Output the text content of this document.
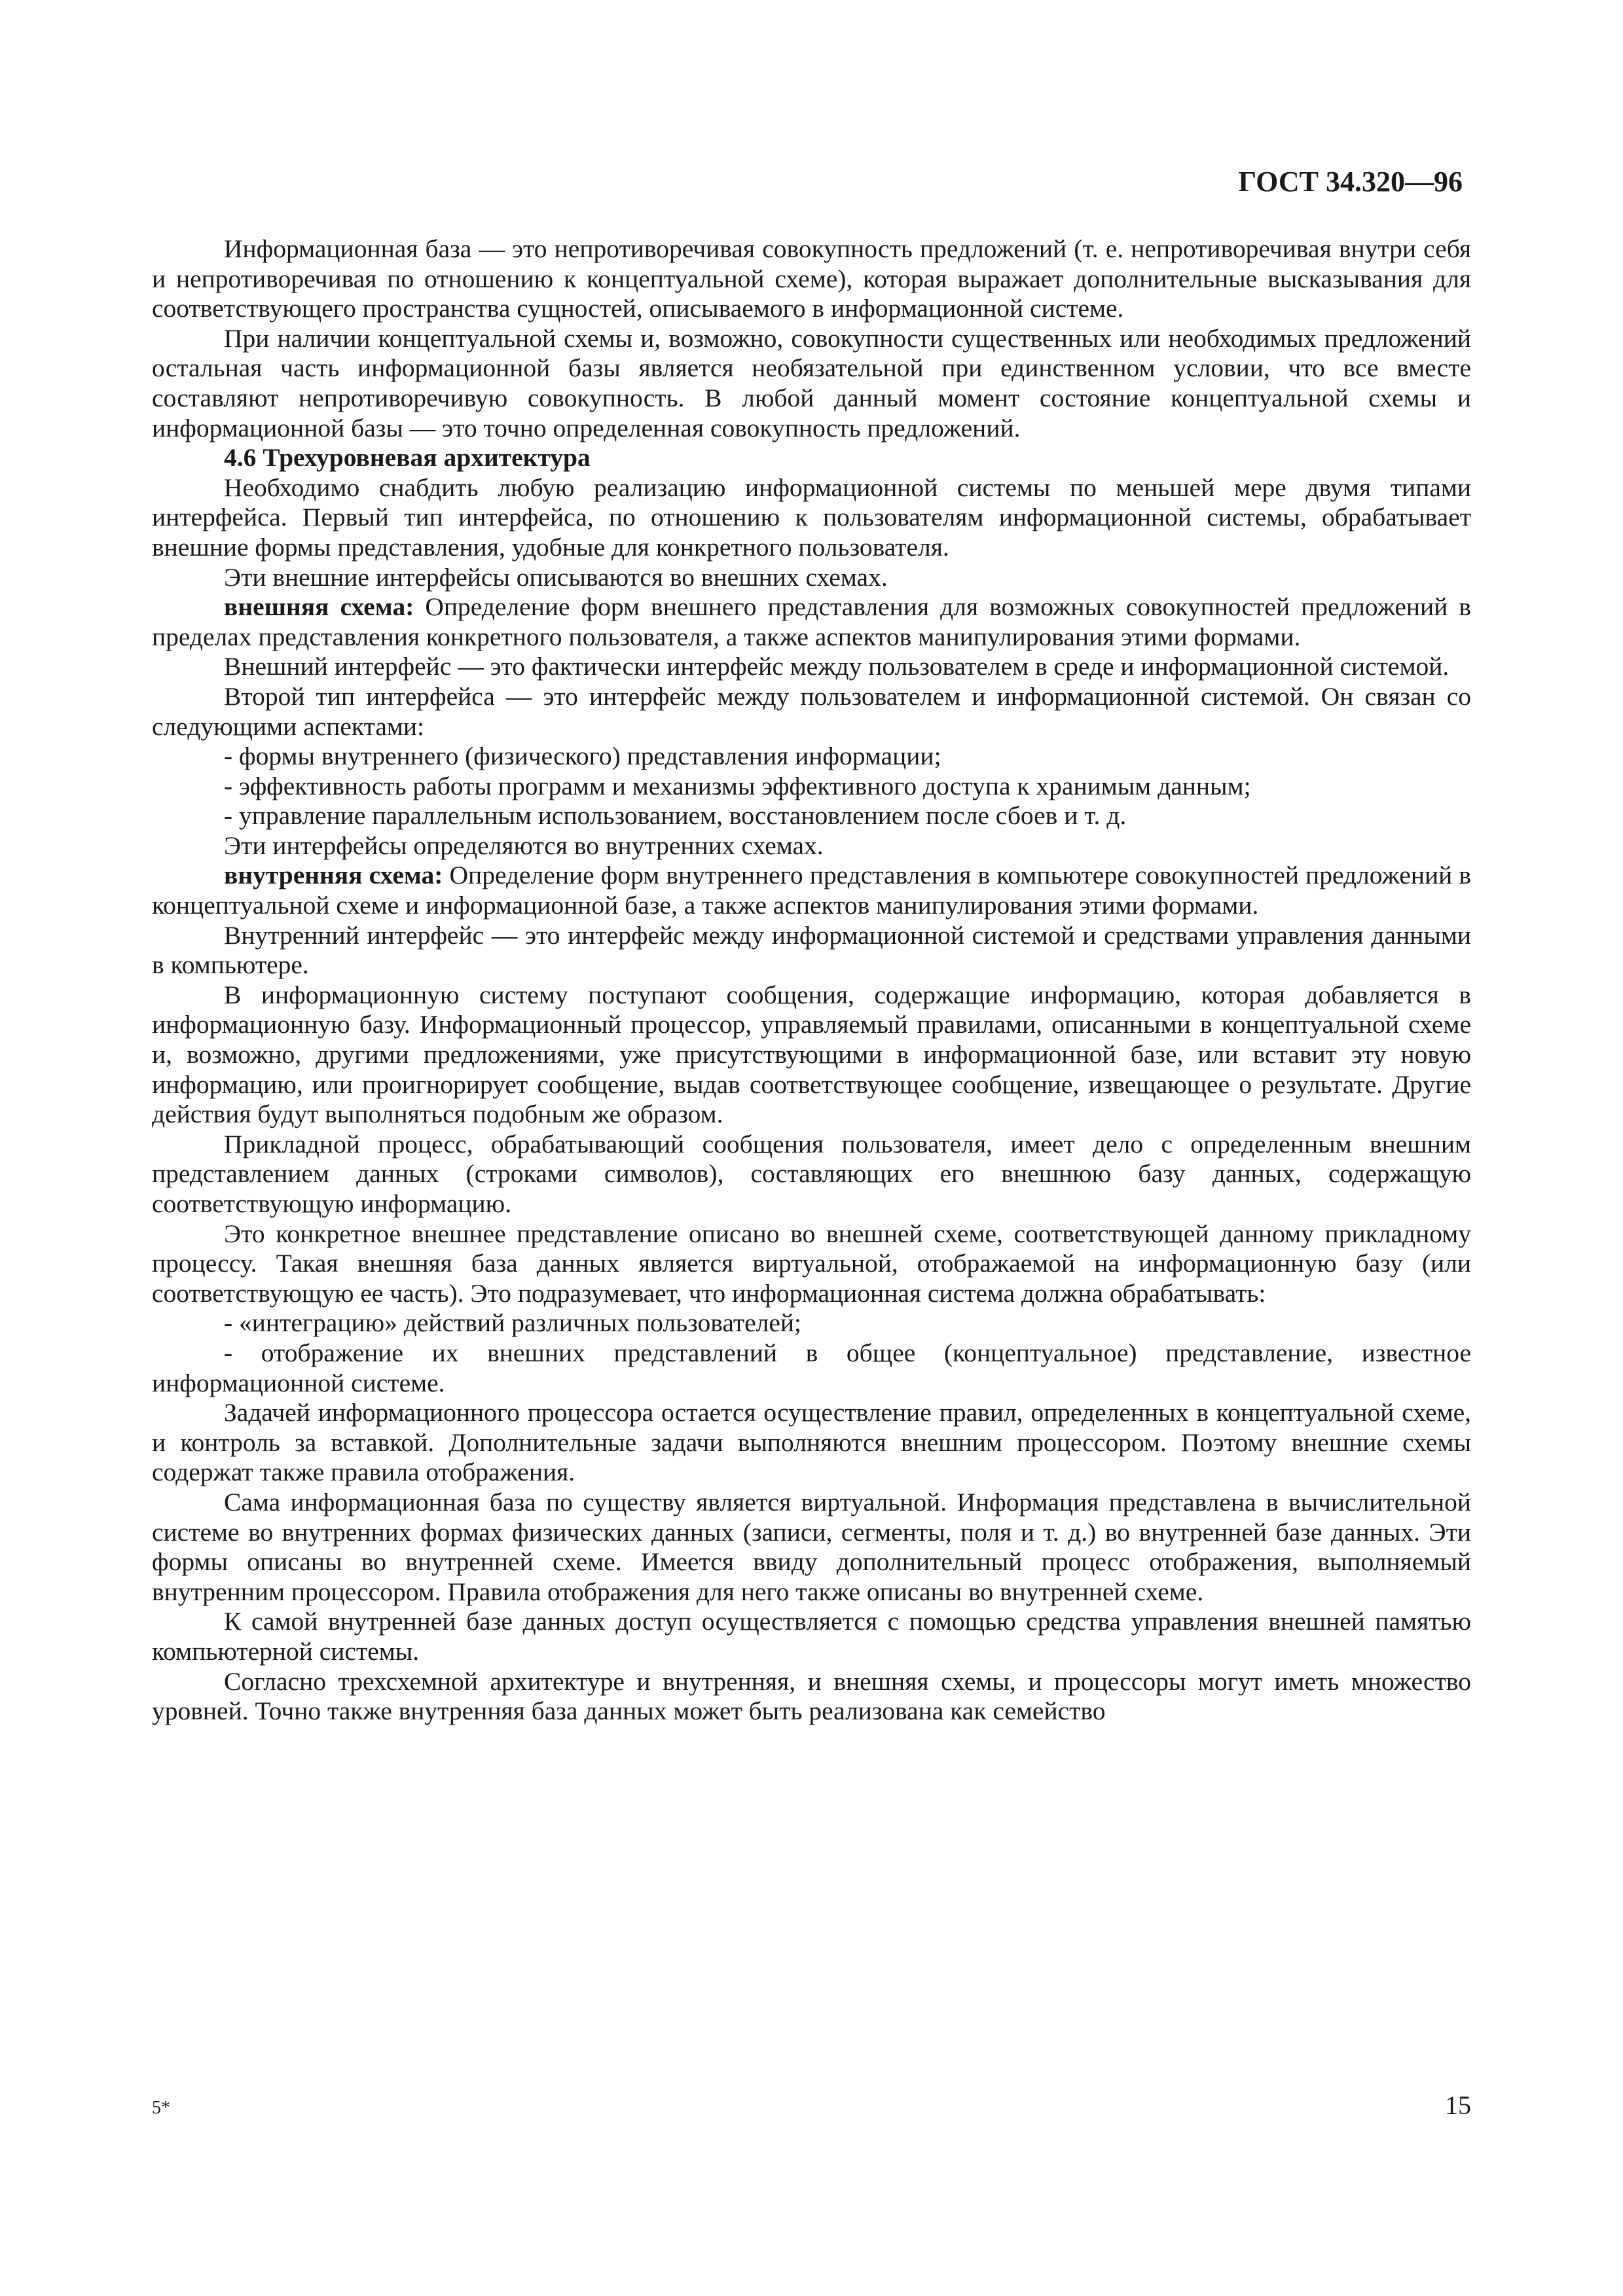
ГОСТ 34.320—96

Информационная база — это непротиворечивая совокупность предложений (т. е. непротиворечивая внутри себя и непротиворечивая по отношению к концептуальной схеме), которая выражает дополнительные высказывания для соответствующего пространства сущностей, описываемого в информационной системе.

При наличии концептуальной схемы и, возможно, совокупности существенных или необходимых предложений остальная часть информационной базы является необязательной при единственном условии, что все вместе составляют непротиворечивую совокупность. В любой данный момент состояние концептуальной схемы и информационной базы — это точно определенная совокупность предложений.

4.6 Трехуровневая архитектура

Необходимо снабдить любую реализацию информационной системы по меньшей мере двумя типами интерфейса. Первый тип интерфейса, по отношению к пользователям информационной системы, обрабатывает внешние формы представления, удобные для конкретного пользователя.

Эти внешние интерфейсы описываются во внешних схемах.

внешняя схема: Определение форм внешнего представления для возможных совокупностей предложений в пределах представления конкретного пользователя, а также аспектов манипулирования этими формами.

Внешний интерфейс — это фактически интерфейс между пользователем в среде и информационной системой.

Второй тип интерфейса — это интерфейс между пользователем и информационной системой. Он связан со следующими аспектами:

- формы внутреннего (физического) представления информации;

- эффективность работы программ и механизмы эффективного доступа к хранимым данным;

- управление параллельным использованием, восстановлением после сбоев и т. д.

Эти интерфейсы определяются во внутренних схемах.

внутренняя схема: Определение форм внутреннего представления в компьютере совокупностей предложений в концептуальной схеме и информационной базе, а также аспектов манипулирования этими формами.

Внутренний интерфейс — это интерфейс между информационной системой и средствами управления данными в компьютере.

В информационную систему поступают сообщения, содержащие информацию, которая добавляется в информационную базу. Информационный процессор, управляемый правилами, описанными в концептуальной схеме и, возможно, другими предложениями, уже присутствующими в информационной базе, или вставит эту новую информацию, или проигнорирует сообщение, выдав соответствующее сообщение, извещающее о результате. Другие действия будут выполняться подобным же образом.

Прикладной процесс, обрабатывающий сообщения пользователя, имеет дело с определенным внешним представлением данных (строками символов), составляющих его внешнюю базу данных, содержащую соответствующую информацию.

Это конкретное внешнее представление описано во внешней схеме, соответствующей данному прикладному процессу. Такая внешняя база данных является виртуальной, отображаемой на информационную базу (или соответствующую ее часть). Это подразумевает, что информационная система должна обрабатывать:

- «интеграцию» действий различных пользователей;

- отображение их внешних представлений в общее (концептуальное) представление, известное информационной системе.

Задачей информационного процессора остается осуществление правил, определенных в концептуальной схеме, и контроль за вставкой. Дополнительные задачи выполняются внешним процессором. Поэтому внешние схемы содержат также правила отображения.

Сама информационная база по существу является виртуальной. Информация представлена в вычислительной системе во внутренних формах физических данных (записи, сегменты, поля и т. д.) во внутренней базе данных. Эти формы описаны во внутренней схеме. Имеется ввиду дополнительный процесс отображения, выполняемый внутренним процессором. Правила отображения для него также описаны во внутренней схеме.

К самой внутренней базе данных доступ осуществляется с помощью средства управления внешней памятью компьютерной системы.

Согласно трехсхемной архитектуре и внутренняя, и внешняя схемы, и процессоры могут иметь множество уровней. Точно также внутренняя база данных может быть реализована как семейство

5*	15
